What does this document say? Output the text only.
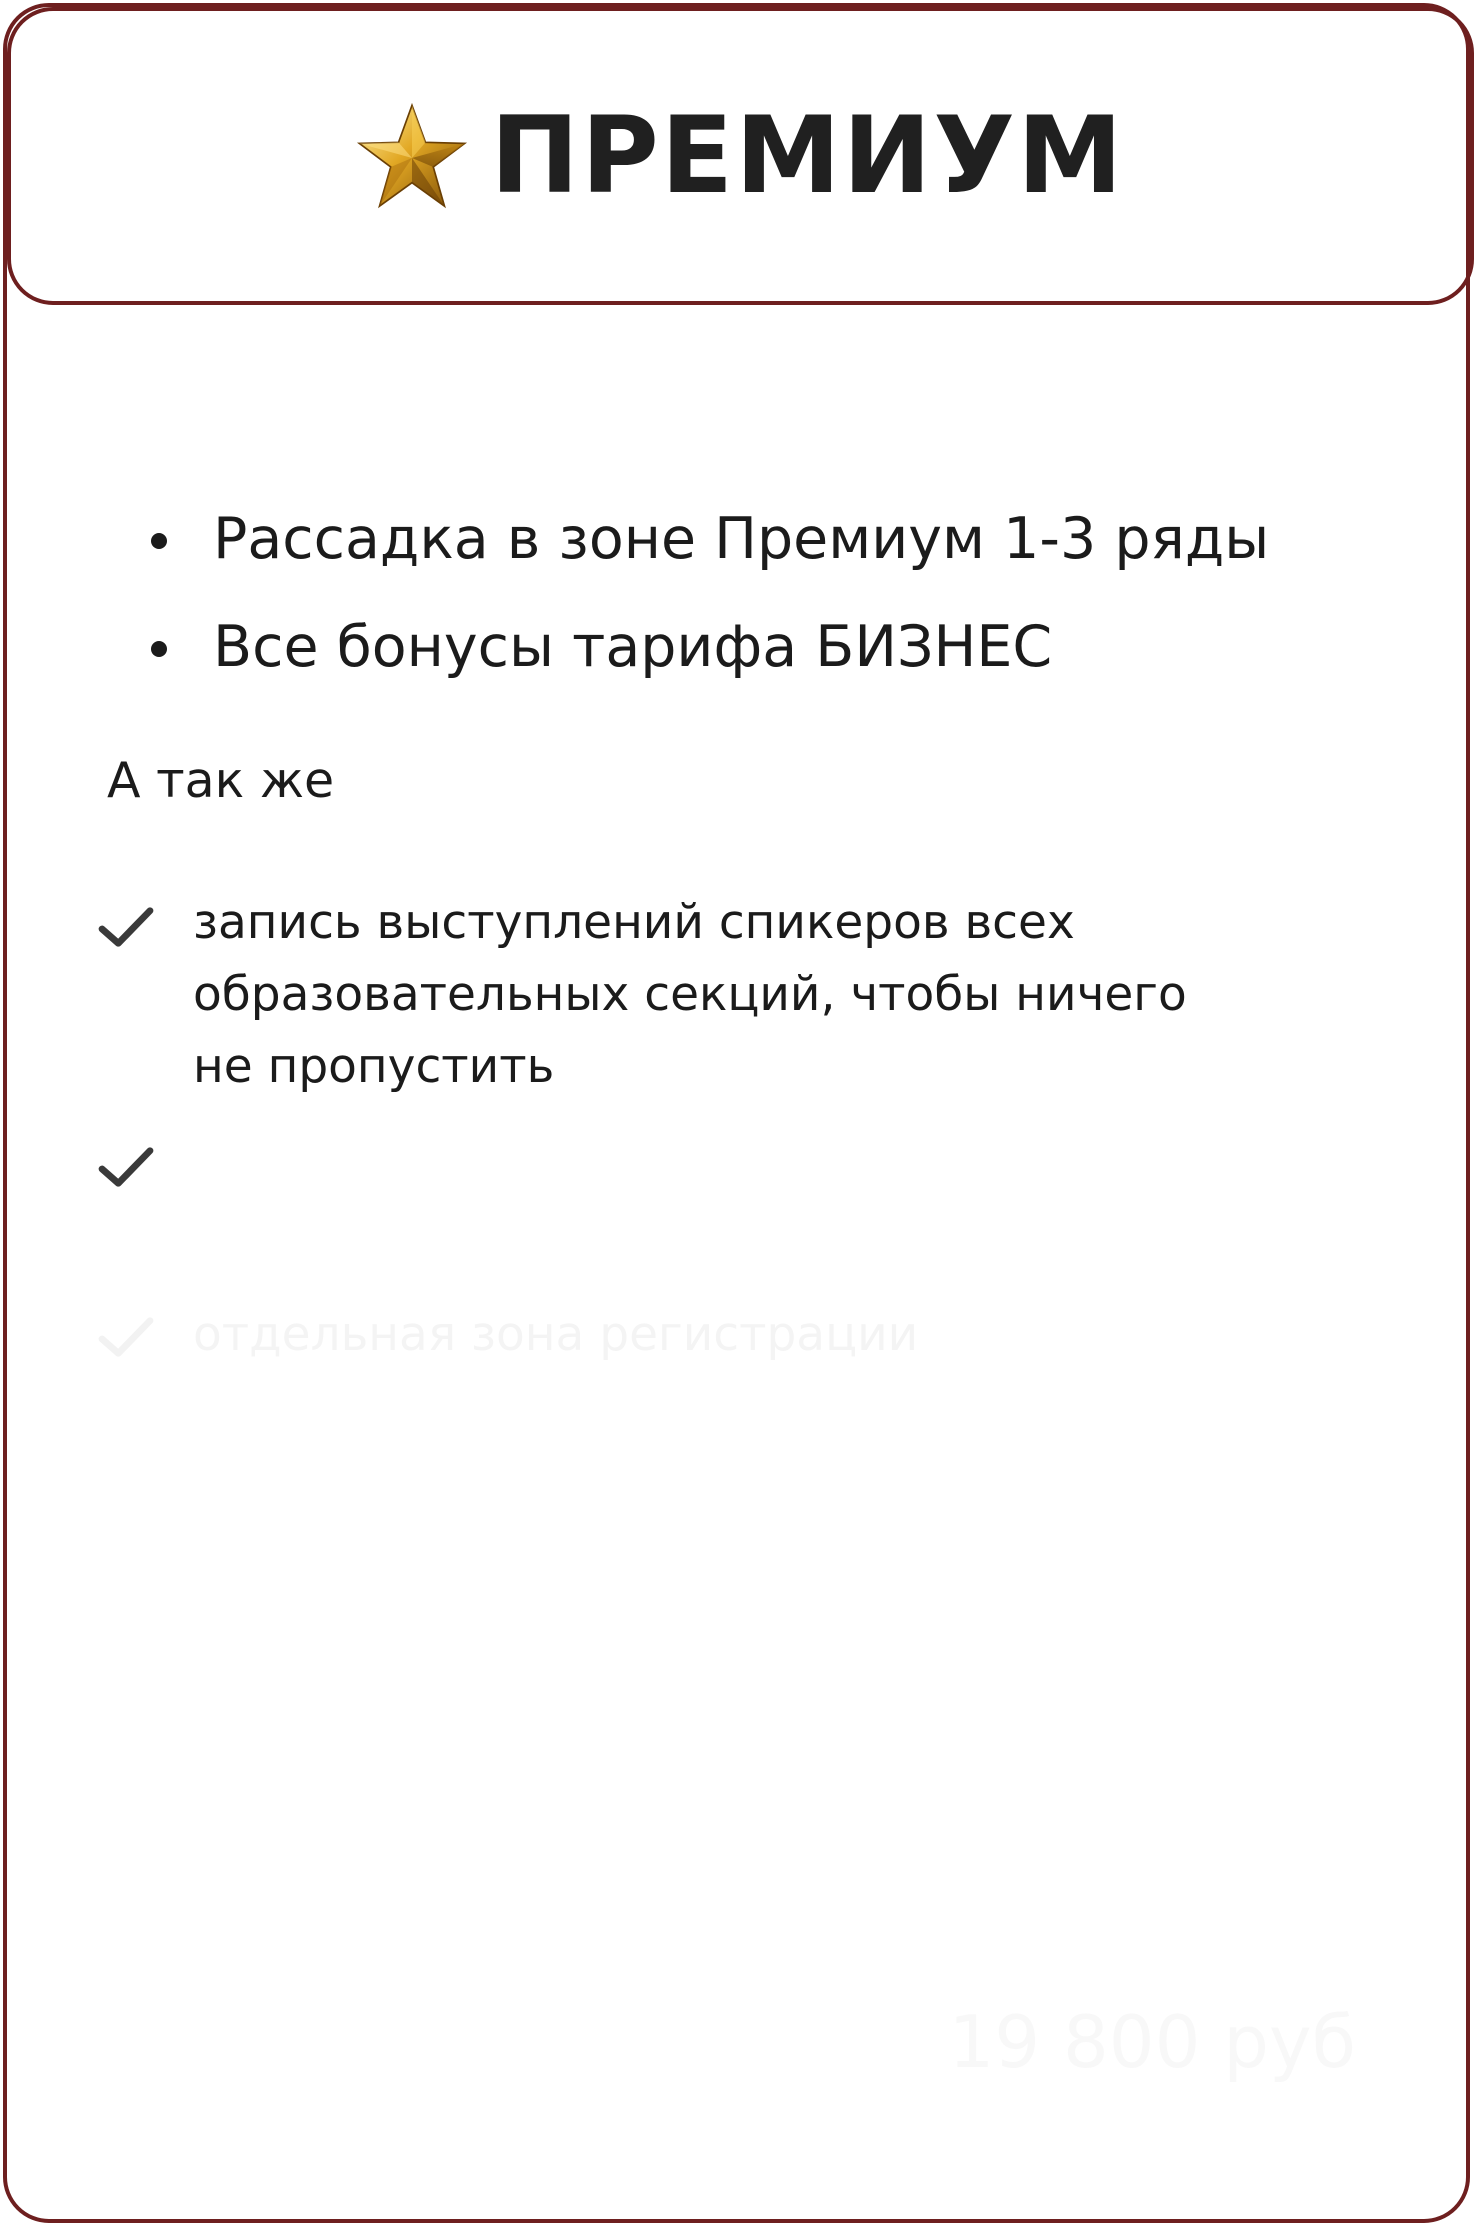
ПРЕМИУМ
Рассадка в зоне Премиум 1-3 ряды
Все бонусы тарифа БИЗНЕС
А так же
запись выступлений спикеров всех
образовательных секций, чтобы ничего
не пропустить
отдельная зона регистрации
